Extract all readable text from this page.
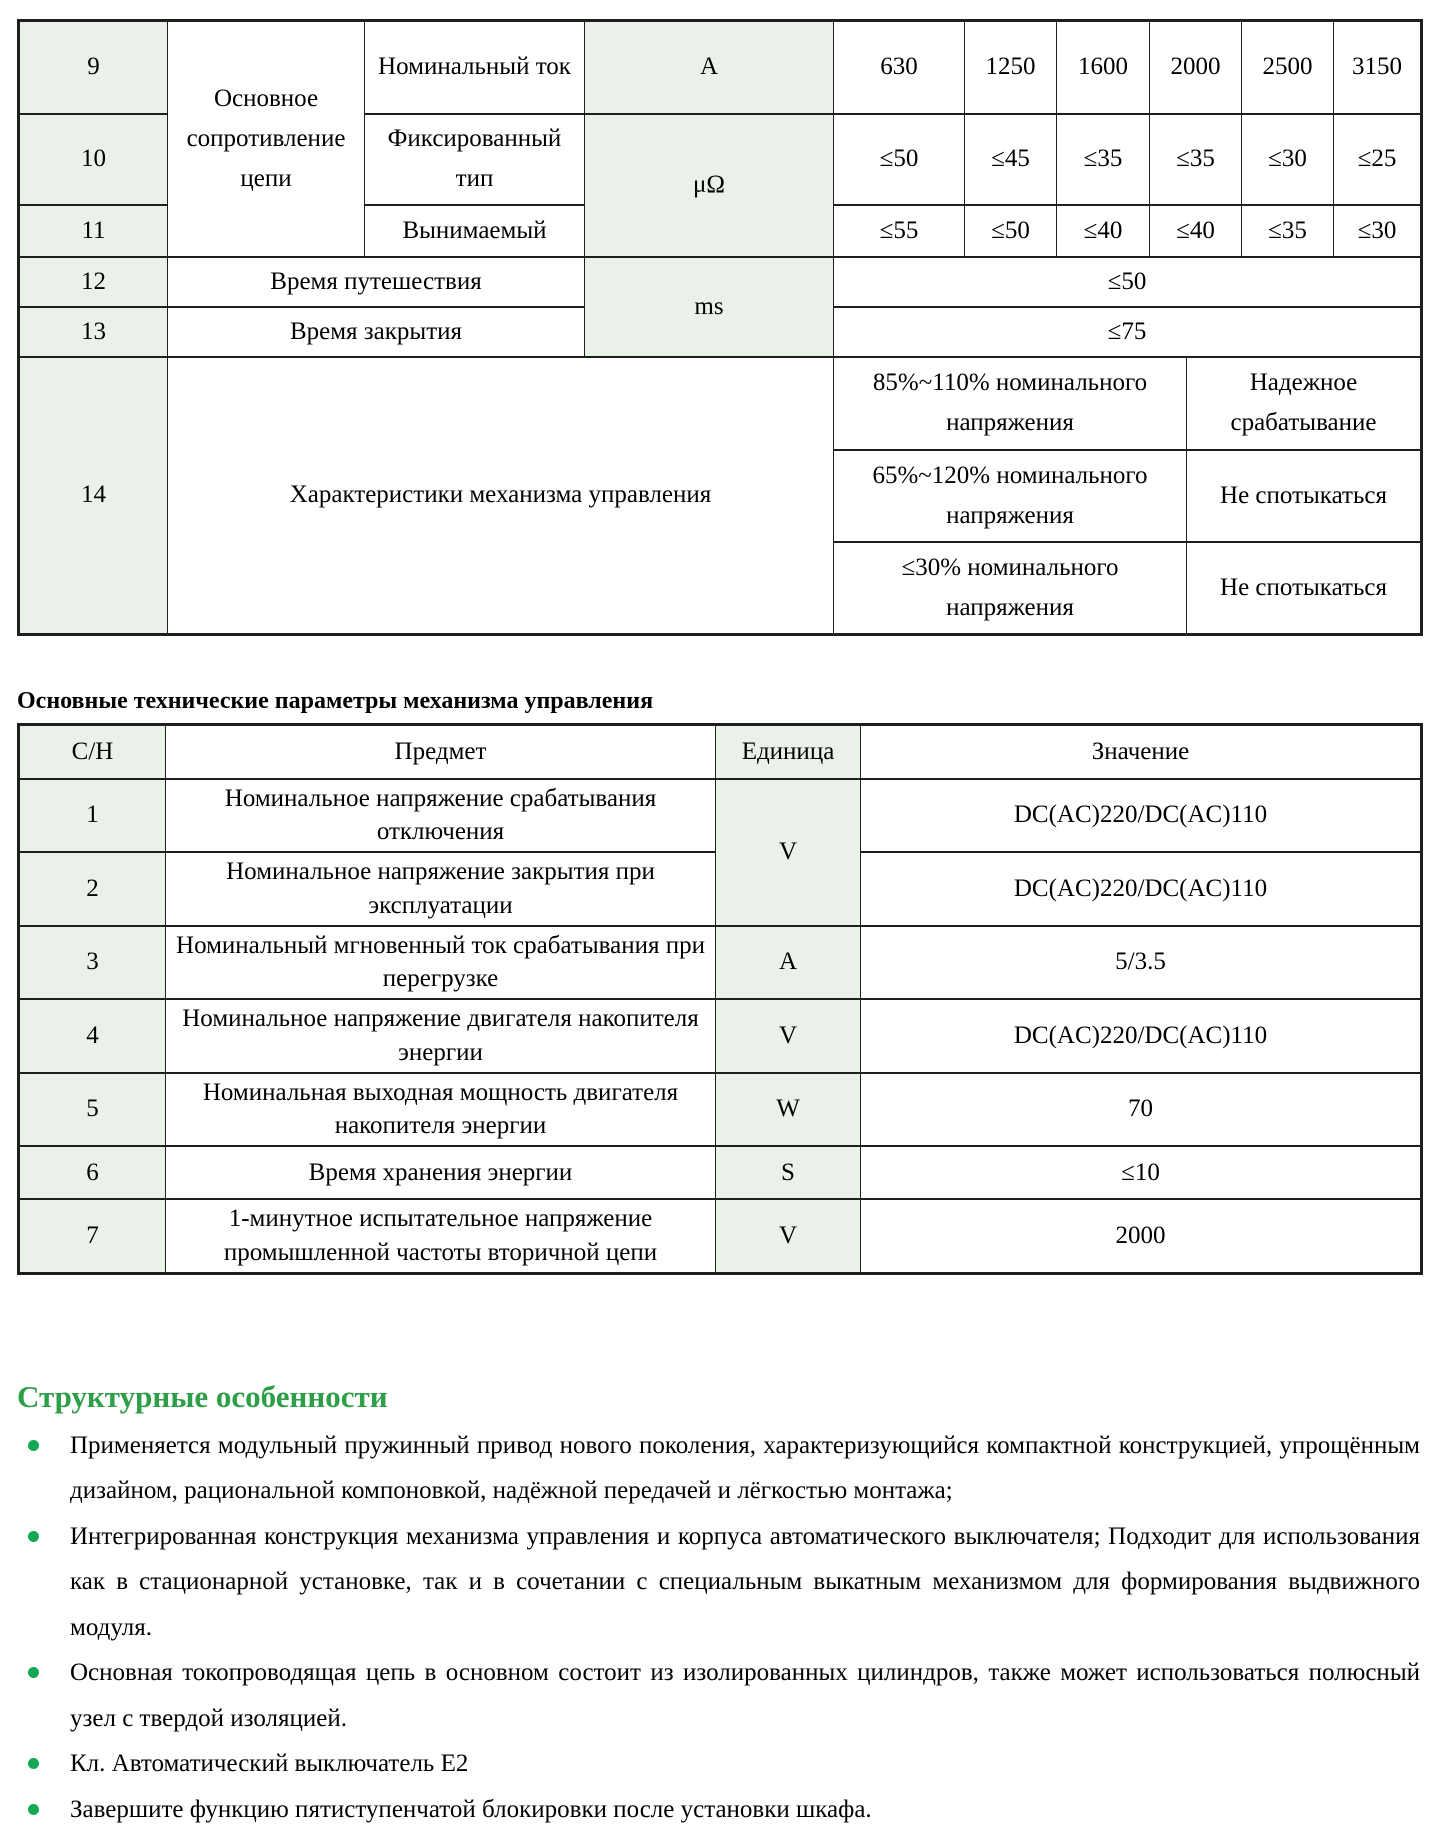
9	Основное сопротивление цепи	Номинальный ток	A	630	1250	1600	2000		2500	3150
10		Фиксированный тип	μΩ	≤50	≤45	≤35	≤35		≤30	≤25
11		Вынимаемый		≤55	≤50	≤40	≤40		≤35	≤30
12	Время путешествия		ms	≤50						
13	Время закрытия			≤75						
14	Характеристики механизма управления			85%~110% номинального напряжения				Надежное срабатывание		
				65%~120% номинального напряжения				Не спотыкаться		
				≤30% номинального напряжения				Не спотыкаться		
Основные технические параметры механизма управления
С/Н	Предмет	Единица	Значение
1	Номинальное напряжение срабатывания отключения	V	DC(AC)220/DC(AC)110
2	Номинальное напряжение закрытия при эксплуатации		DC(AC)220/DC(AC)110
3	Номинальный мгновенный ток срабатывания при перегрузке	A	5/3.5
4	Номинальное напряжение двигателя накопителя энергии	V	DC(AC)220/DC(AC)110
5	Номинальная выходная мощность двигателя накопителя энергии	W	70
6	Время хранения энергии	S	≤10
7	1-минутное испытательное напряжение промышленной частоты вторичной цепи	V	2000
Структурные особенности
Применяется модульный пружинный привод нового поколения, характеризующийся компактной конструкцией, упрощённым дизайном, рациональной компоновкой, надёжной передачей и лёгкостью монтажа;
Интегрированная конструкция механизма управления и корпуса автоматического выключателя; Подходит для использования как в стационарной установке, так и в сочетании с специальным выкатным механизмом для формирования выдвижного модуля.
Основная токопроводящая цепь в основном состоит из изолированных цилиндров, также может использоваться полюсный узел с твердой изоляцией.
Кл. Автоматический выключатель E2
Завершите функцию пятиступенчатой блокировки после установки шкафа.
